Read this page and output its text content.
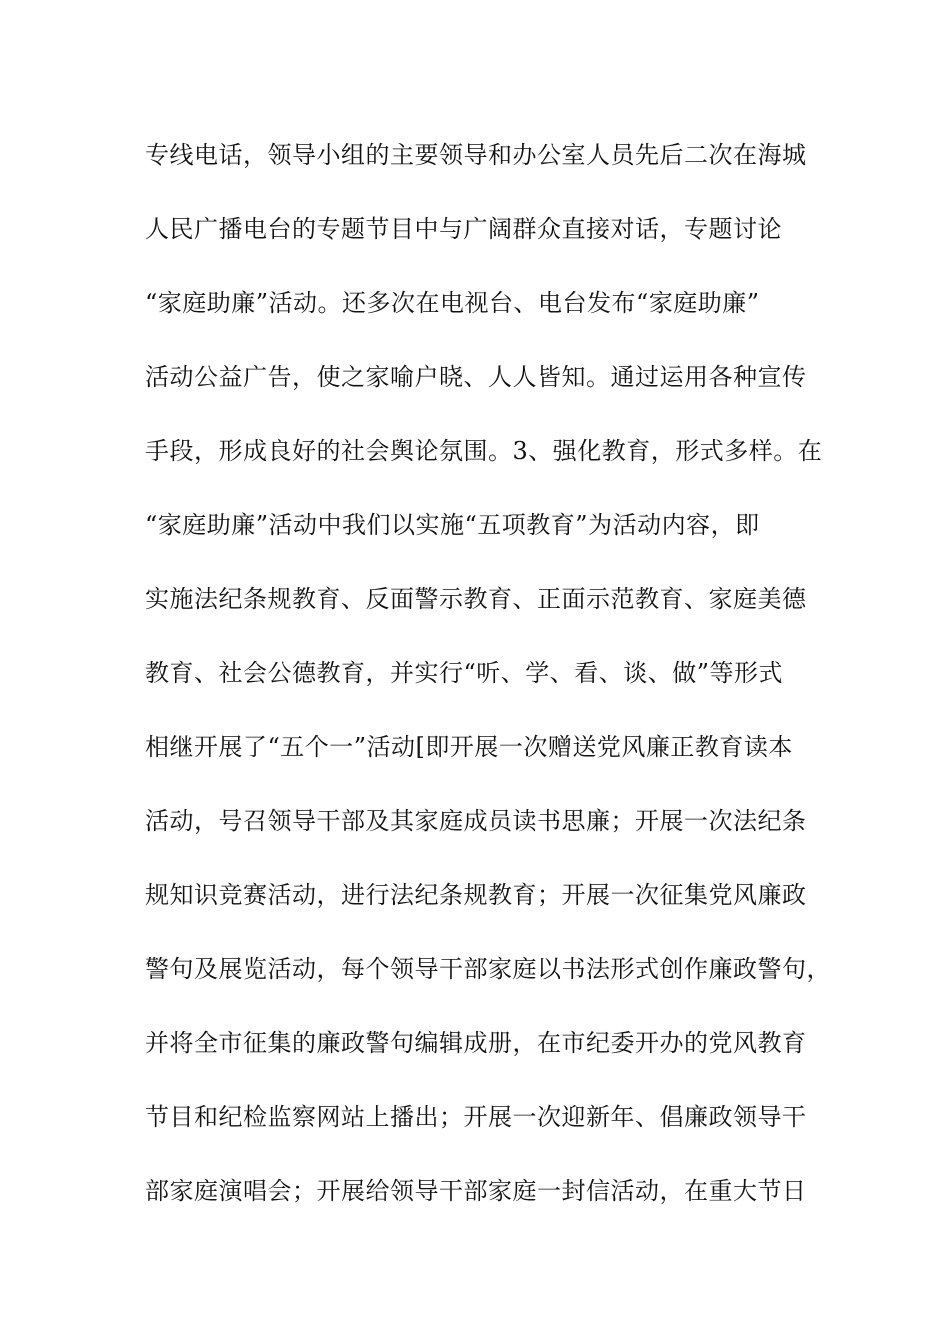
专线电话，领导小组的主要领导和办公室人员先后二次在海城
人民广播电台的专题节目中与广阔群众直接对话，专题讨论
“家庭助廉”活动。还多次在电视台、电台发布“家庭助廉”
活动公益广告，使之家喻户晓、人人皆知。通过运用各种宣传
手段，形成良好的社会舆论氛围。3、强化教育，形式多样。在
“家庭助廉”活动中我们以实施“五项教育”为活动内容，即
实施法纪条规教育、反面警示教育、正面示范教育、家庭美德
教育、社会公德教育，并实行“听、学、看、谈、做”等形式
相继开展了“五个一”活动[即开展一次赠送党风廉正教育读本
活动，号召领导干部及其家庭成员读书思廉；开展一次法纪条
规知识竞赛活动，进行法纪条规教育；开展一次征集党风廉政
警句及展览活动，每个领导干部家庭以书法形式创作廉政警句，
并将全市征集的廉政警句编辑成册，在市纪委开办的党风教育
节目和纪检监察网站上播出；开展一次迎新年、倡廉政领导干
部家庭演唱会；开展给领导干部家庭一封信活动，在重大节日
